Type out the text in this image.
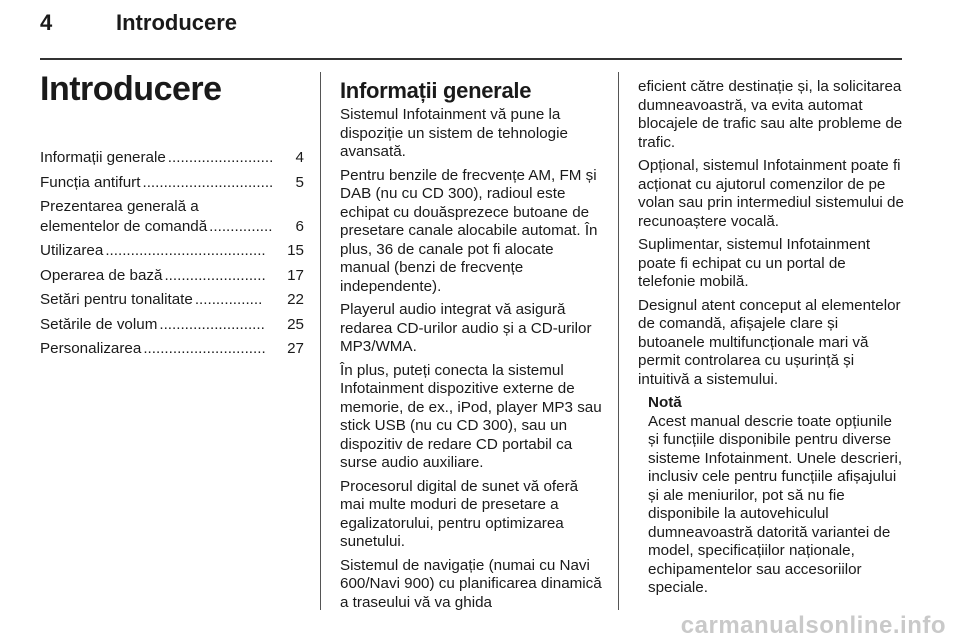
4	Introducere
Introducere
Informații generale .........................	4
Funcția antifurt ...............................	5
Prezentarea generală a
elementelor de comandă ...............	6
Utilizarea ......................................	15
Operarea de bază ........................	17
Setări pentru tonalitate ................	22
Setările de volum .........................	25
Personalizarea .............................	27
Informații generale

Sistemul Infotainment vă pune la dispoziție un sistem de tehnologie avansată.

Pentru benzile de frecvențe AM, FM și DAB (nu cu CD 300), radioul este echipat cu douăsprezece butoane de presetare canale alocabile automat. În plus, 36 de canale pot fi alocate manual (benzi de frecvențe independente).

Playerul audio integrat vă asigură redarea CD-urilor audio și a CD-urilor MP3/WMA.

În plus, puteți conecta la sistemul Infotainment dispozitive externe de memorie, de ex., iPod, player MP3 sau stick USB (nu cu CD 300), sau un dispozitiv de redare CD portabil ca surse audio auxiliare.

Procesorul digital de sunet vă oferă mai multe moduri de presetare a egalizatorului, pentru optimizarea sunetului.

Sistemul de navigație (numai cu Navi 600/Navi 900) cu planificarea dinamică a traseului vă va ghida

eficient către destinație și, la solicitarea dumneavoastră, va evita automat blocajele de trafic sau alte probleme de trafic.

Opțional, sistemul Infotainment poate fi acționat cu ajutorul comenzilor de pe volan sau prin intermediul sistemului de recunoaștere vocală.

Suplimentar, sistemul Infotainment poate fi echipat cu un portal de telefonie mobilă.

Designul atent conceput al elementelor de comandă, afișajele clare și butoanele multifuncționale mari vă permit controlarea cu ușurință și intuitivă a sistemului.

Notă
Acest manual descrie toate opțiunile și funcțiile disponibile pentru diverse sisteme Infotainment. Unele descrieri, inclusiv cele pentru funcțiile afișajului și ale meniurilor, pot să nu fie disponibile la autovehiculul dumneavoastră datorită variantei de model, specificațiilor naționale, echipamentelor sau accesoriilor speciale.
carmanualsonline.info
